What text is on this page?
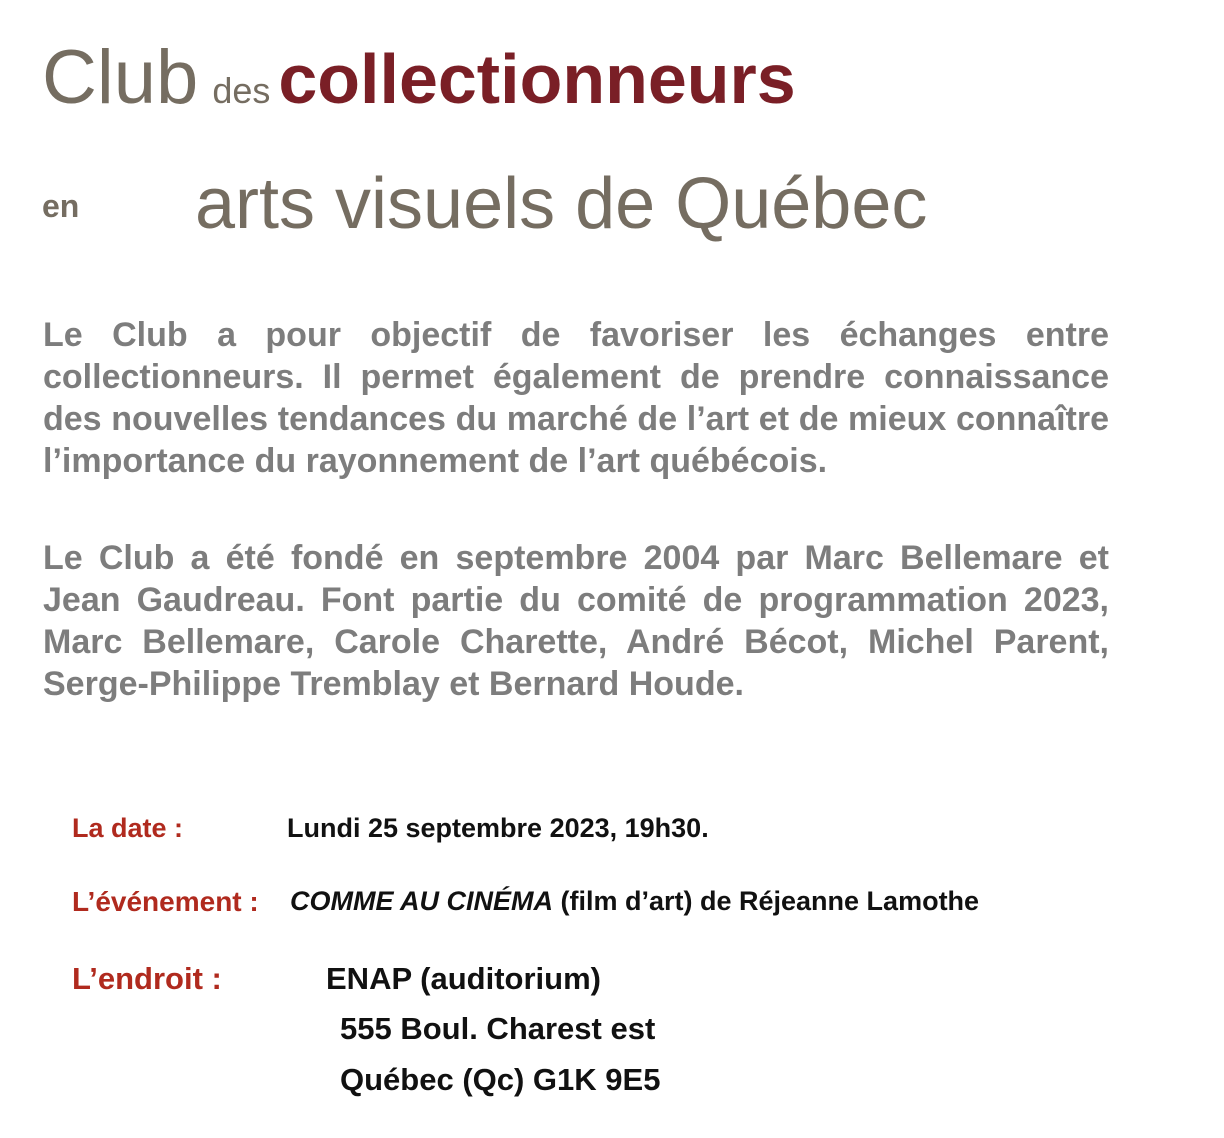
Club des collectionneurs
en arts visuels de Québec

Le Club a pour objectif de favoriser les échanges entre collectionneurs. Il permet également de prendre connaissance des nouvelles tendances du marché de l’art et de mieux connaître l’importance du rayonnement de l’art québécois.

Le Club a été fondé en septembre 2004 par Marc Bellemare et Jean Gaudreau. Font partie du comité de programmation 2023, Marc Bellemare, Carole Charette, André Bécot, Michel Parent, Serge-Philippe Tremblay et Bernard Houde.

La date :	Lundi 25 septembre 2023, 19h30.
L’événement : COMME AU CINÉMA (film d’art) de Réjeanne Lamothe
L’endroit :	ENAP (auditorium)
555 Boul. Charest est
Québec (Qc) G1K 9E5
